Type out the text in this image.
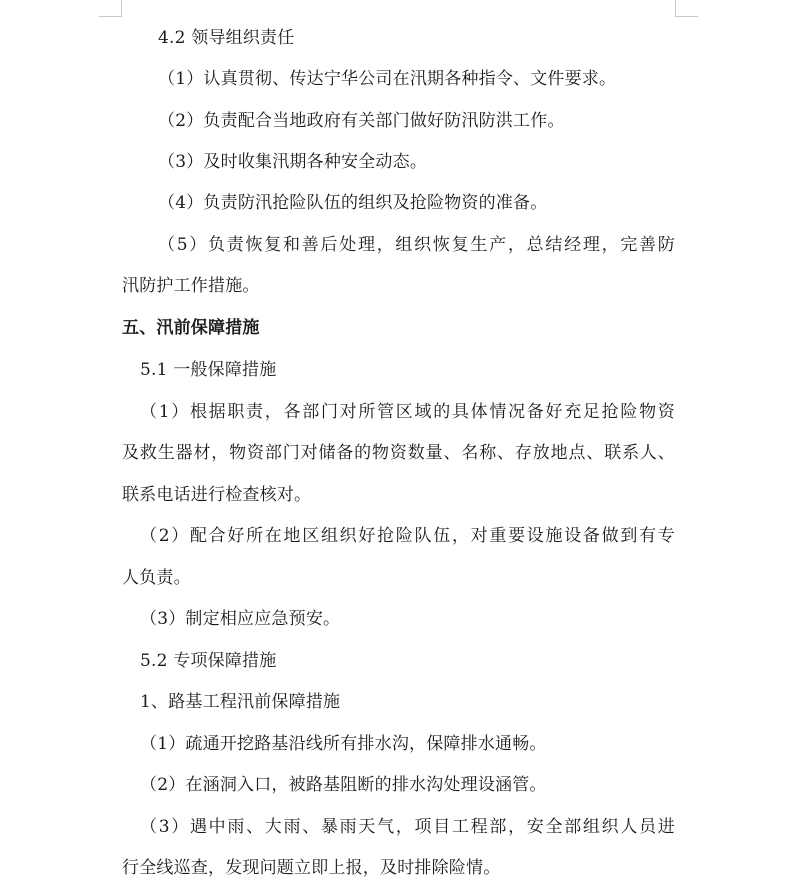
4.2 领导组织责任
（1）认真贯彻、传达宁华公司在汛期各种指令、文件要求。
（2）负责配合当地政府有关部门做好防汛防洪工作。
（3）及时收集汛期各种安全动态。
（4）负责防汛抢险队伍的组织及抢险物资的准备。
（5）负责恢复和善后处理，组织恢复生产，总结经理，完善防
汛防护工作措施。
五、汛前保障措施
5.1 一般保障措施
（1）根据职责，各部门对所管区域的具体情况备好充足抢险物资
及救生器材，物资部门对储备的物资数量、名称、存放地点、联系人、
联系电话进行检查核对。
（2）配合好所在地区组织好抢险队伍，对重要设施设备做到有专
人负责。
（3）制定相应应急预安。
5.2 专项保障措施
1、路基工程汛前保障措施
（1）疏通开挖路基沿线所有排水沟，保障排水通畅。
（2）在涵洞入口，被路基阻断的排水沟处理设涵管。
（3）遇中雨、大雨、暴雨天气，项目工程部，安全部组织人员进
行全线巡查，发现问题立即上报，及时排除险情。
